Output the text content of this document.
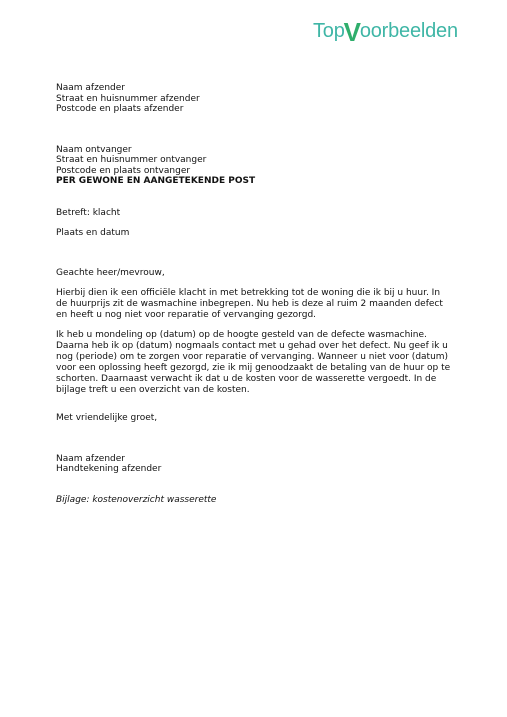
Top V oorbeelden
Naam afzender
Straat en huisnummer afzender
Postcode en plaats afzender
Naam ontvanger
Straat en huisnummer ontvanger
Postcode en plaats ontvanger
PER GEWONE EN AANGETEKENDE POST
Betreft: klacht
Plaats en datum
Geachte heer/mevrouw,
Hierbij dien ik een officiële klacht in met betrekking tot de woning die ik bij u huur. In de huurprijs zit de wasmachine inbegrepen. Nu heb is deze al ruim 2 maanden defect en heeft u nog niet voor reparatie of vervanging gezorgd.
Ik heb u mondeling op (datum) op de hoogte gesteld van de defecte wasmachine. Daarna heb ik op (datum) nogmaals contact met u gehad over het defect. Nu geef ik u nog (periode) om te zorgen voor reparatie of vervanging. Wanneer u niet voor (datum) voor een oplossing heeft gezorgd, zie ik mij genoodzaakt de betaling van de huur op te schorten. Daarnaast verwacht ik dat u de kosten voor de wasserette vergoedt. In de bijlage treft u een overzicht van de kosten.
Met vriendelijke groet,
Naam afzender
Handtekening afzender
Bijlage: kostenoverzicht wasserette
